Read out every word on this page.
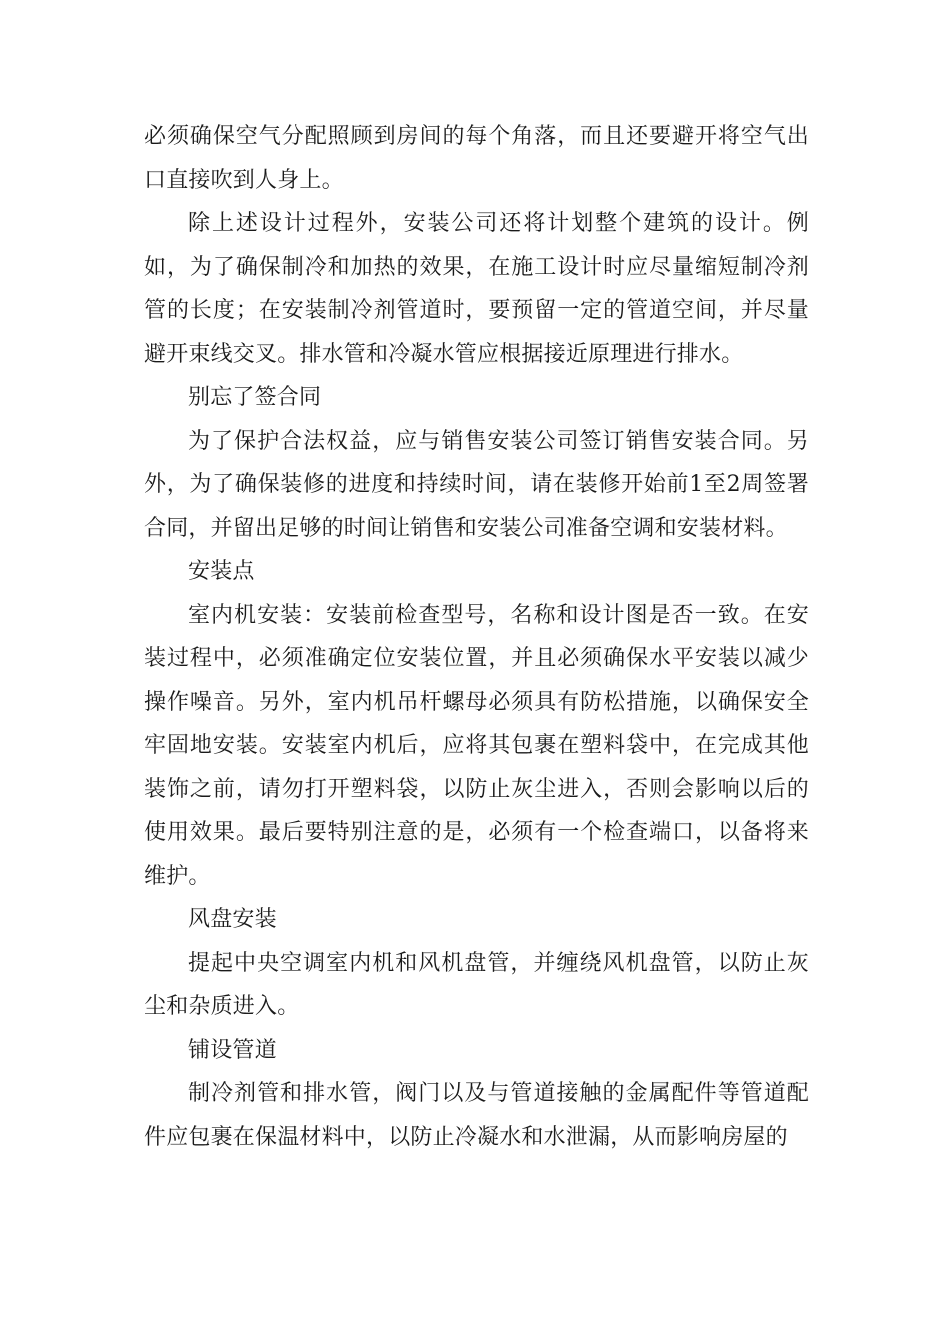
必须确保空气分配照顾到房间的每个角落，而且还要避开将空气出口直接吹到人身上。

除上述设计过程外，安装公司还将计划整个建筑的设计。例如，为了确保制冷和加热的效果，在施工设计时应尽量缩短制冷剂管的长度；在安装制冷剂管道时，要预留一定的管道空间，并尽量避开束线交叉。排水管和冷凝水管应根据接近原理进行排水。

别忘了签合同

为了保护合法权益，应与销售安装公司签订销售安装合同。另外，为了确保装修的进度和持续时间，请在装修开始前1至2周签署合同，并留出足够的时间让销售和安装公司准备空调和安装材料。

安装点

室内机安装：安装前检查型号，名称和设计图是否一致。在安装过程中，必须准确定位安装位置，并且必须确保水平安装以减少操作噪音。另外，室内机吊杆螺母必须具有防松措施，以确保安全牢固地安装。安装室内机后，应将其包裹在塑料袋中，在完成其他装饰之前，请勿打开塑料袋，以防止灰尘进入，否则会影响以后的使用效果。最后要特别注意的是，必须有一个检查端口，以备将来维护。

风盘安装

提起中央空调室内机和风机盘管，并缠绕风机盘管，以防止灰尘和杂质进入。

铺设管道

制冷剂管和排水管，阀门以及与管道接触的金属配件等管道配件应包裹在保温材料中，以防止冷凝水和水泄漏，从而影响房屋的
